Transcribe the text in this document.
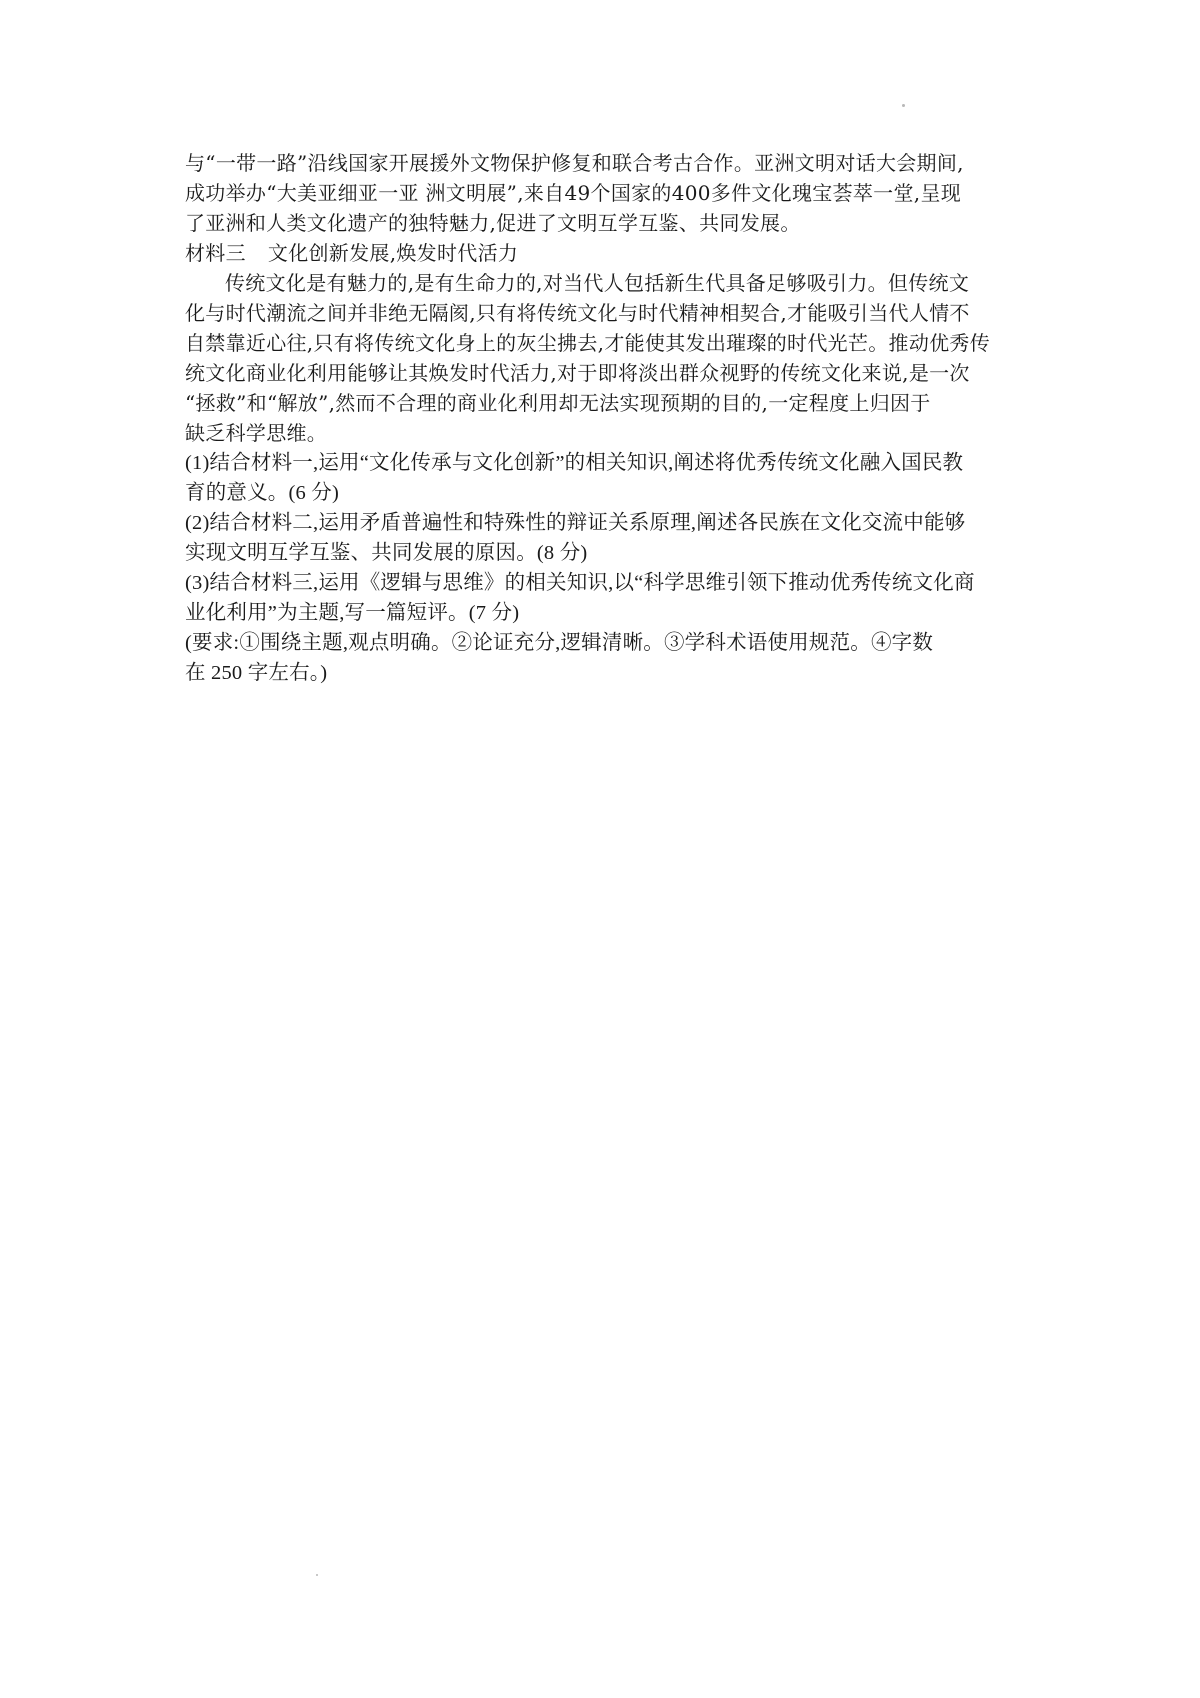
与“一带一路”沿线国家开展援外文物保护修复和联合考古合作。亚洲文明对话大会期间,
成功举办“大美亚细亚一亚 洲文明展”,来自49个国家的400多件文化瑰宝荟萃一堂,呈现
了亚洲和人类文化遗产的独特魅力,促进了文明互学互鉴、共同发展。
材料三 文化创新发展,焕发时代活力
传统文化是有魅力的,是有生命力的,对当代人包括新生代具备足够吸引力。但传统文
化与时代潮流之间并非绝无隔阂,只有将传统文化与时代精神相契合,才能吸引当代人情不
自禁靠近心往,只有将传统文化身上的灰尘拂去,才能使其发出璀璨的时代光芒。推动优秀传
统文化商业化利用能够让其焕发时代活力,对于即将淡出群众视野的传统文化来说,是一次
“拯救”和“解放”,然而不合理的商业化利用却无法实现预期的目的,一定程度上归因于
缺乏科学思维。
(1)结合材料一,运用“文化传承与文化创新”的相关知识,阐述将优秀传统文化融入国民教
育的意义。(6 分)
(2)结合材料二,运用矛盾普遍性和特殊性的辩证关系原理,阐述各民族在文化交流中能够
实现文明互学互鉴、共同发展的原因。(8 分)
(3)结合材料三,运用《逻辑与思维》的相关知识,以“科学思维引领下推动优秀传统文化商
业化利用”为主题,写一篇短评。(7 分)
(要求:①围绕主题,观点明确。②论证充分,逻辑清晰。③学科术语使用规范。④字数
在 250 字左右。)
